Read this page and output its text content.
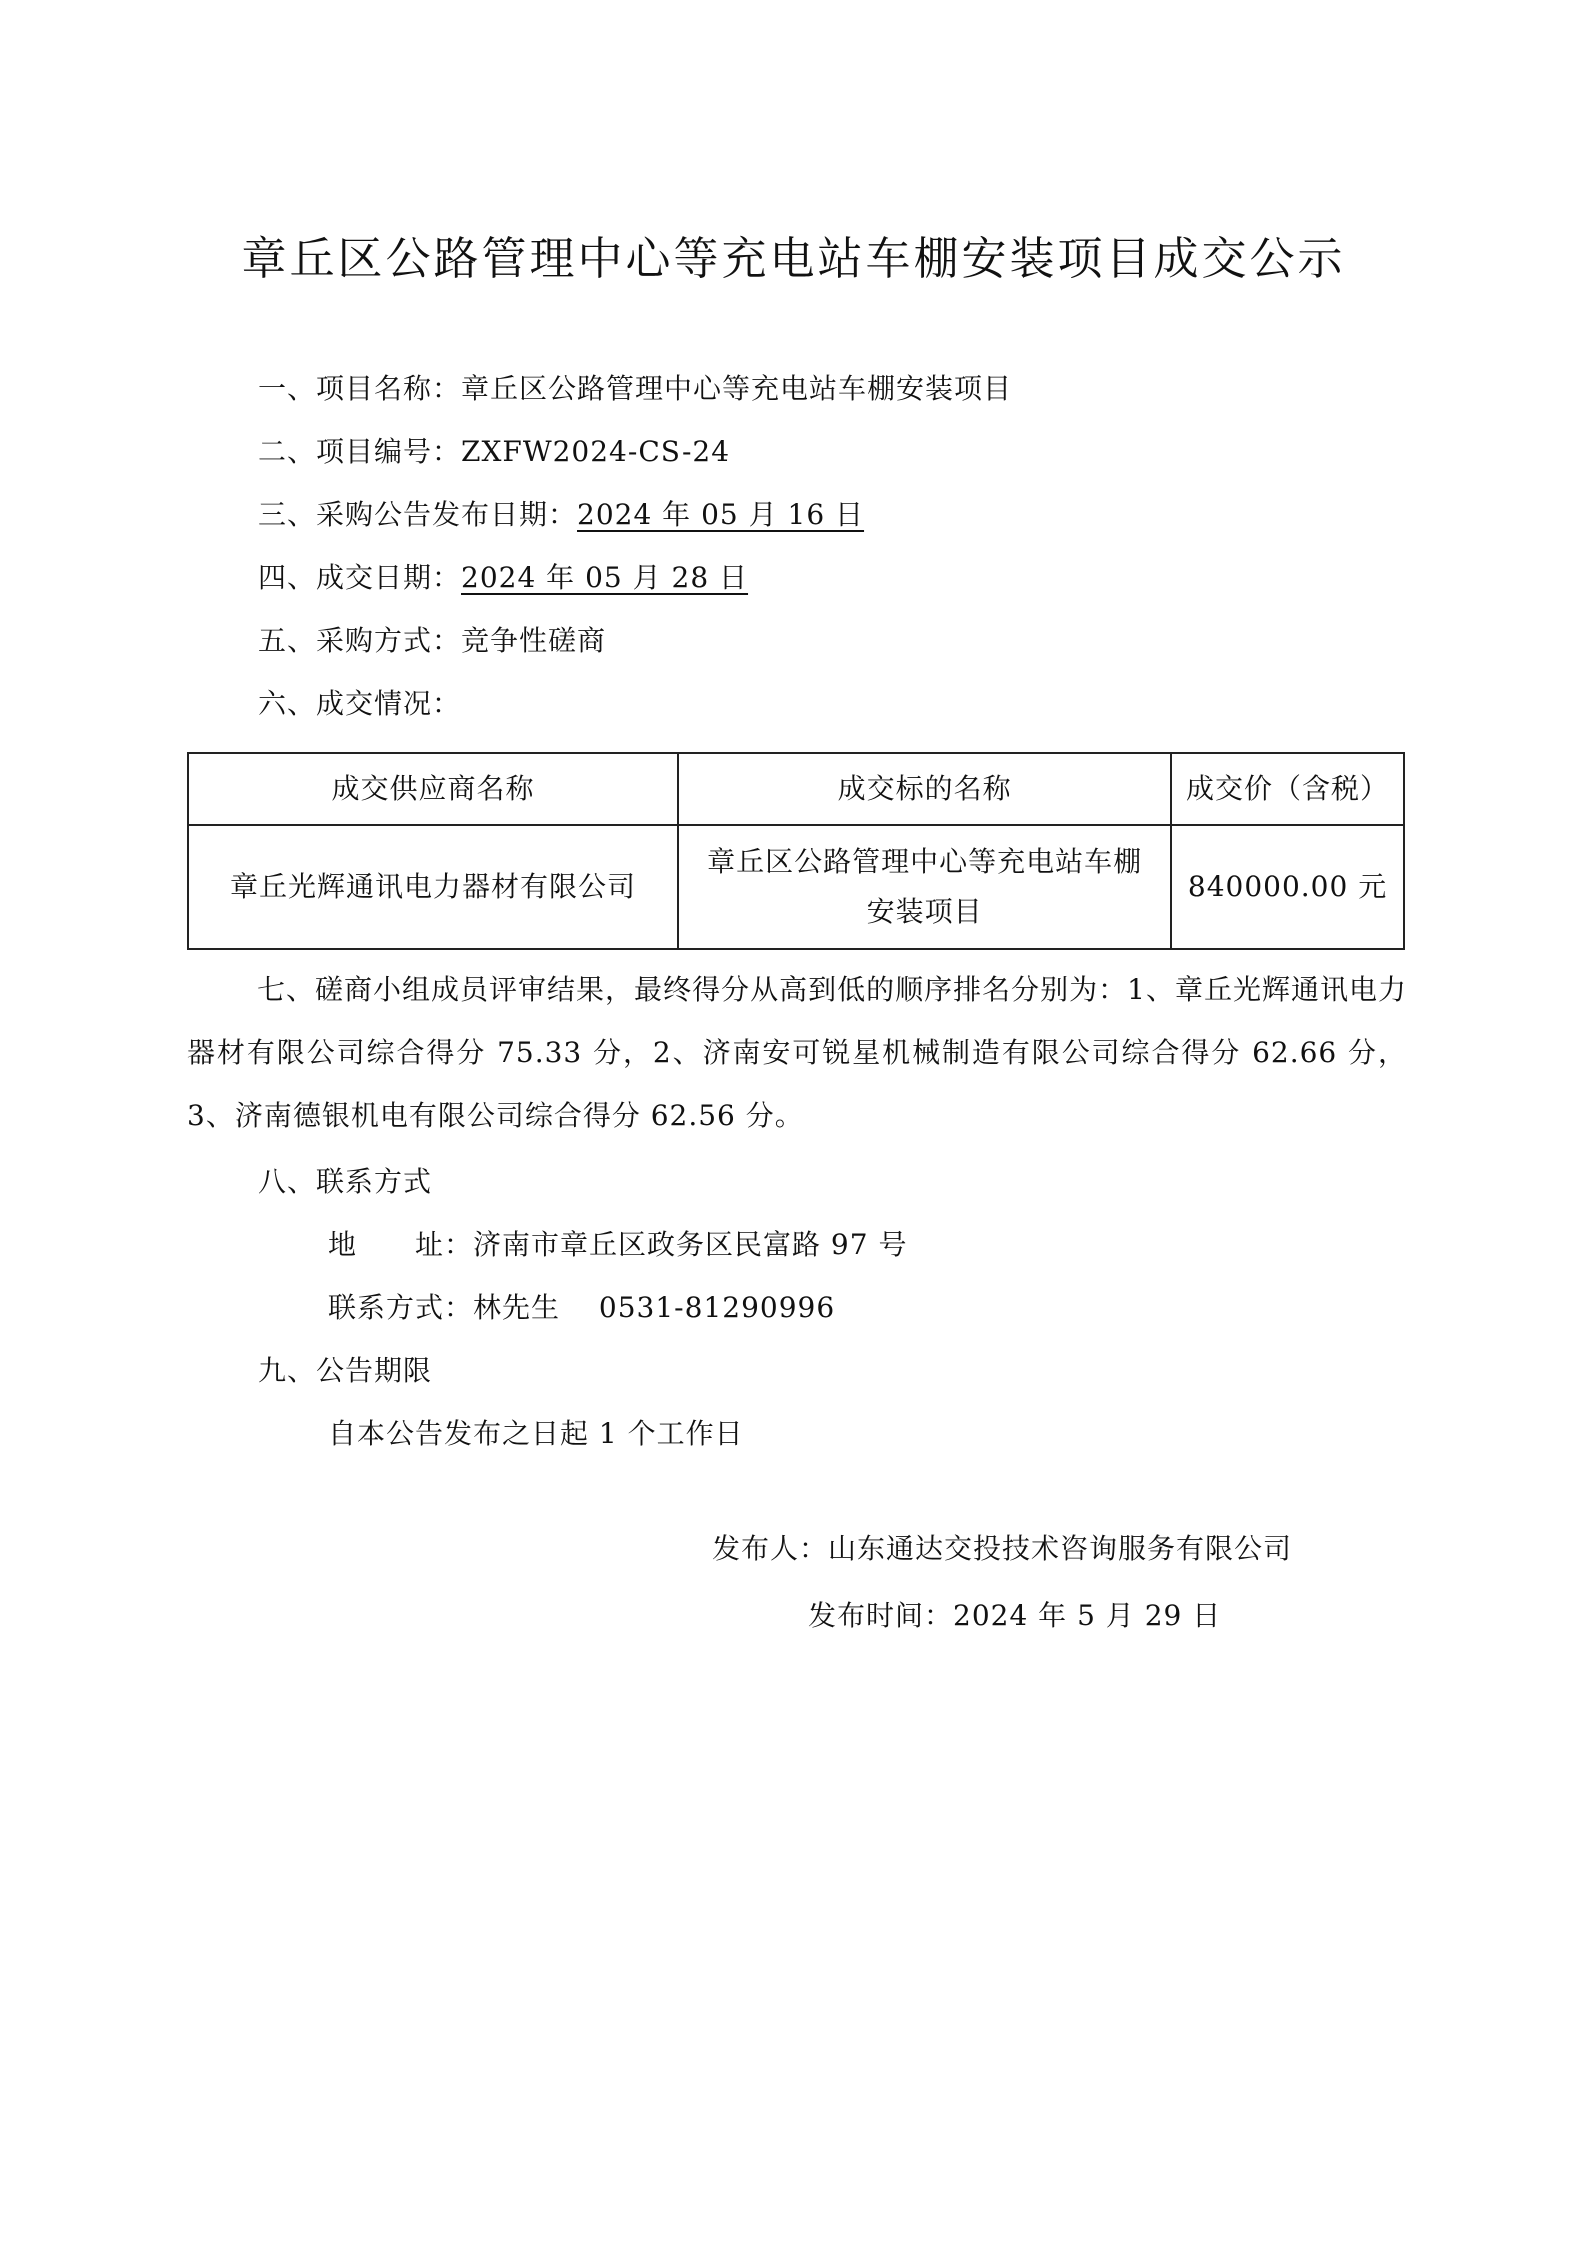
章丘区公路管理中心等充电站车棚安装项目成交公示
一、项目名称：章丘区公路管理中心等充电站车棚安装项目
二、项目编号：ZXFW2024-CS-24
三、采购公告发布日期：2024 年 05 月 16 日
四、成交日期：2024 年 05 月 28 日
五、采购方式：竞争性磋商
六、成交情况：
成交供应商名称	成交标的名称	成交价（含税）
章丘光辉通讯电力器材有限公司	章丘区公路管理中心等充电站车棚安装项目	840000.00 元
七、磋商小组成员评审结果，最终得分从高到低的顺序排名分别为：1、章丘光辉通讯电力器材有限公司综合得分 75.33 分，2、济南安可锐星机械制造有限公司综合得分 62.66 分，3、济南德银机电有限公司综合得分 62.56 分。
八、联系方式
地　　址：济南市章丘区政务区民富路 97 号
联系方式：林先生　 0531-81290996
九、公告期限
自本公告发布之日起 1 个工作日
发布人：山东通达交投技术咨询服务有限公司
发布时间：2024 年 5 月 29 日
